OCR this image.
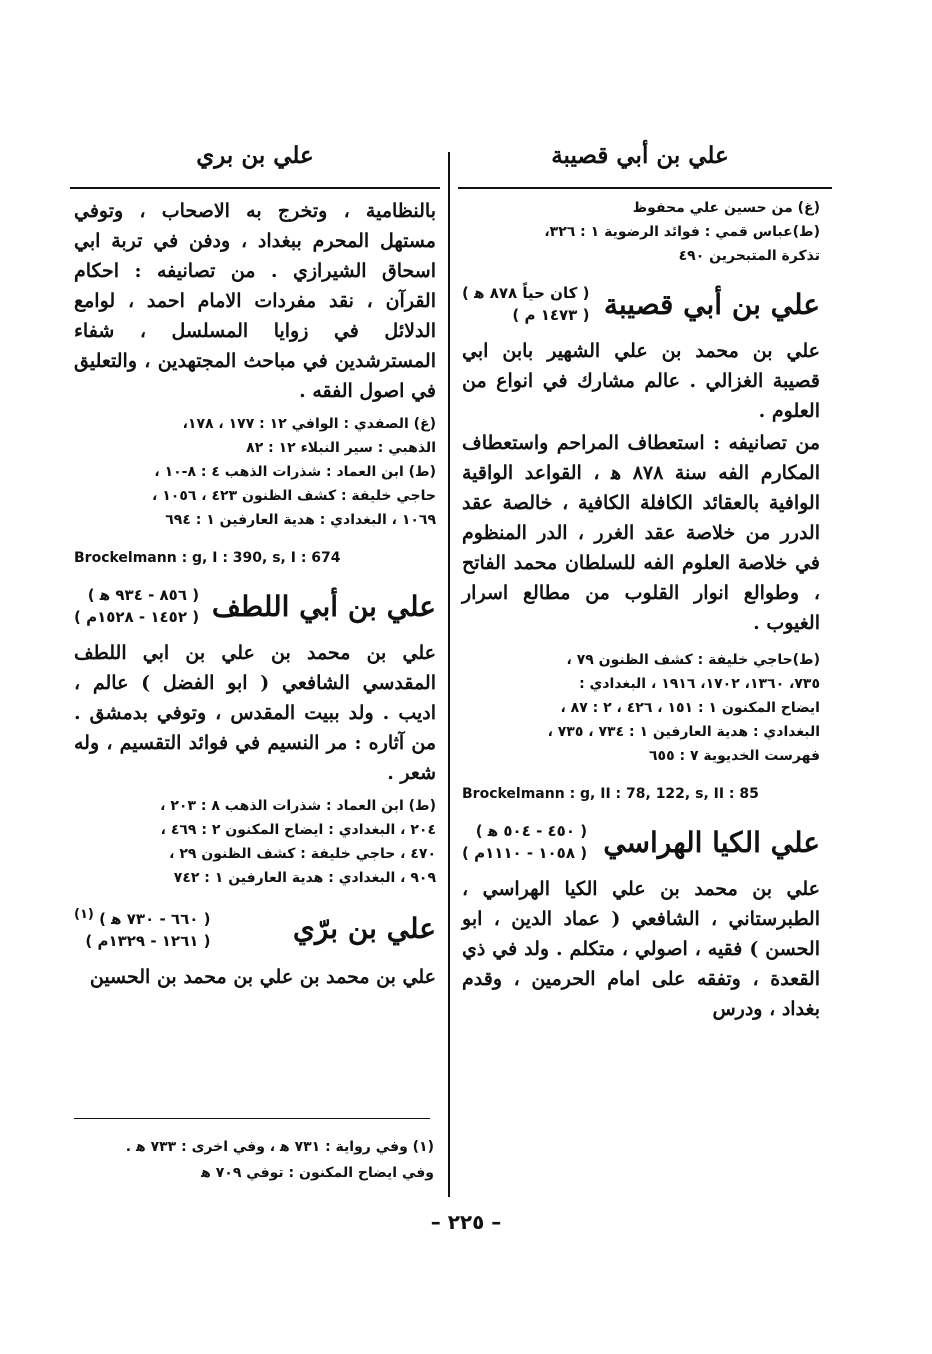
علي بن أبي قصيبة
علي بن بري

(غ) من حسين علي محفوظ

(ط)عباس قمي : فوائد الرضوية ١ : ٣٢٦،

تذكرة المتبحرين ٤٩٠

علي بن أبي قصيبة
( كان حياً ٨٧٨ ﻫ )
( ١٤٧٣ م )

علي بن محمد بن علي الشهير بابن ابي قصيبة الغزالي . عالم مشارك في انواع من العلوم .

من تصانيفه : استعطاف المراحم واستعطاف المكارم الفه سنة ٨٧٨ ﻫ ، القواعد الواقية الوافية بالعقائد الكافلة الكافية ، خالصة عقد الدرر من خلاصة عقد الغرر ، الدر المنظوم في خلاصة العلوم الفه للسلطان محمد الفاتح ، وطوالع انوار القلوب من مطالع اسرار الغيوب .

(ط)حاجي خليفة : كشف الظنون ٧٩ ،

٧٣٥، ١٣٦٠، ١٧٠٢، ١٩١٦ ، البغدادي :

ايضاح المكنون ١ : ١٥١ ، ٤٢٦ ، ٢ : ٨٧ ،

البغدادي : هدية العارفين ١ : ٧٣٤ ، ٧٣٥ ،

فهرست الخديوية ٧ : ٦٥٥

Brockelmann : g, II : 78, 122, s, II : 85

علي الكيا الهراسي
( ٤٥٠ - ٥٠٤ ﻫ )
( ١٠٥٨ - ١١١٠م )

علي بن محمد بن علي الكيا الهراسي ، الطبرستاني ، الشافعي ( عماد الدين ، ابو الحسن ) فقيه ، اصولي ، متكلم . ولد في ذي القعدة ، وتفقه على امام الحرمين ، وقدم بغداد ، ودرس

بالنظامية ، وتخرج به الاصحاب ، وتوفي مستهل المحرم ببغداد ، ودفن في تربة ابي اسحاق الشيرازي . من تصانيفه : احكام القرآن ، نقد مفردات الامام احمد ، لوامع الدلائل في زوايا المسلسل ، شفاء المسترشدين في مباحث المجتهدين ، والتعليق في اصول الفقه .

(غ) الصفدي : الوافي ١٢ : ١٧٧ ، ١٧٨،

الذهبي : سير النبلاء ١٢ : ٨٢

(ط) ابن العماد : شذرات الذهب ٤ : ٨-١٠ ،

حاجي خليفة : كشف الظنون ٤٢٣ ، ١٠٥٦ ،

١٠٦٩ ، البغدادي : هدية العارفين ١ : ٦٩٤

Brockelmann : g, I : 390, s, I : 674

علي بن أبي اللطف
( ٨٥٦ - ٩٣٤ ﻫ )
( ١٤٥٢ - ١٥٢٨م )

علي بن محمد بن علي بن ابي اللطف المقدسي الشافعي ( ابو الفضل ) عالم ، اديب . ولد ببيت المقدس ، وتوفي بدمشق . من آثاره : مر النسيم في فوائد التقسيم ، وله شعر .

(ط) ابن العماد : شذرات الذهب ٨ : ٢٠٣ ،

٢٠٤ ، البغدادي : ايضاح المكنون ٢ : ٤٦٩ ،

٤٧٠ ، حاجي خليفة : كشف الظنون ٢٩ ،

٩٠٩ ، البغدادي : هدية العارفين ١ : ٧٤٢

علي بن برّي
( ٦٦٠ - ٧٣٠ ﻫ ) (١)
( ١٢٦١ - ١٣٢٩م )

علي بن محمد بن علي بن محمد بن الحسين

(١) وفي رواية : ٧٣١ ﻫ ، وفي اخرى : ٧٣٣ ﻫ .
وفي ايضاح المكنون : توفي ٧٠٩ ﻫ
– ٢٢٥ –
